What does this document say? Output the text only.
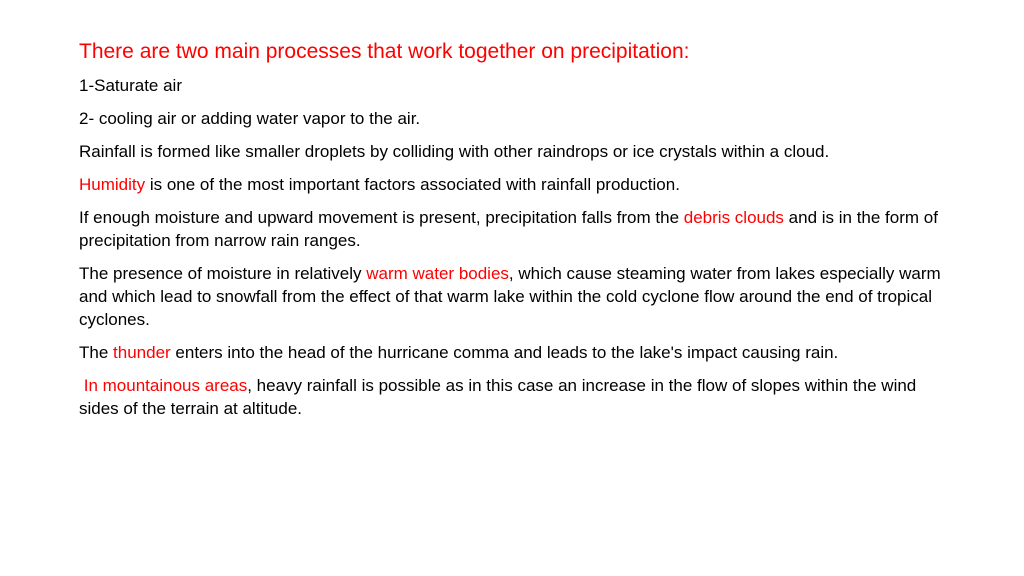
There are two main processes that work together on precipitation:

1-Saturate air

2- cooling air or adding water vapor to the air.

Rainfall is formed like smaller droplets by colliding with other raindrops or ice crystals within a cloud.

Humidity is one of the most important factors associated with rainfall production.

If enough moisture and upward movement is present, precipitation falls from the debris clouds and is in the form of precipitation from narrow rain ranges.

The presence of moisture in relatively warm water bodies, which cause steaming water from lakes especially warm and which lead to snowfall from the effect of that warm lake within the cold cyclone flow around the end of tropical cyclones.

The thunder enters into the head of the hurricane comma and leads to the lake's impact causing rain.

In mountainous areas, heavy rainfall is possible as in this case an increase in the flow of slopes within the wind sides of the terrain at altitude.
